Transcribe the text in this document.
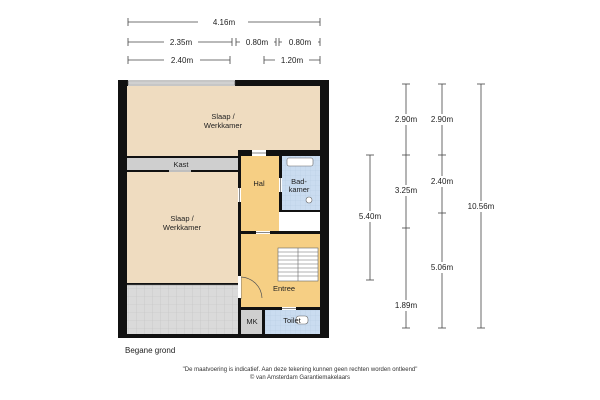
4.16m
2.35m	0.80m	0.80m
2.40m	1.20m
2.90m 2.90m
3.25m
2.40m
5.40m
10.56m
5.06m
1.89m
Slaap /
Werkkamer
Kast
Slaap /
Werkkamer
Hal	Bad-
kamer
Entree
MK	Toilet
Begane grond
"De maatvoering is indicatief. Aan deze tekening kunnen geen rechten worden ontleend"
© van Amsterdam Garantiemakelaars
